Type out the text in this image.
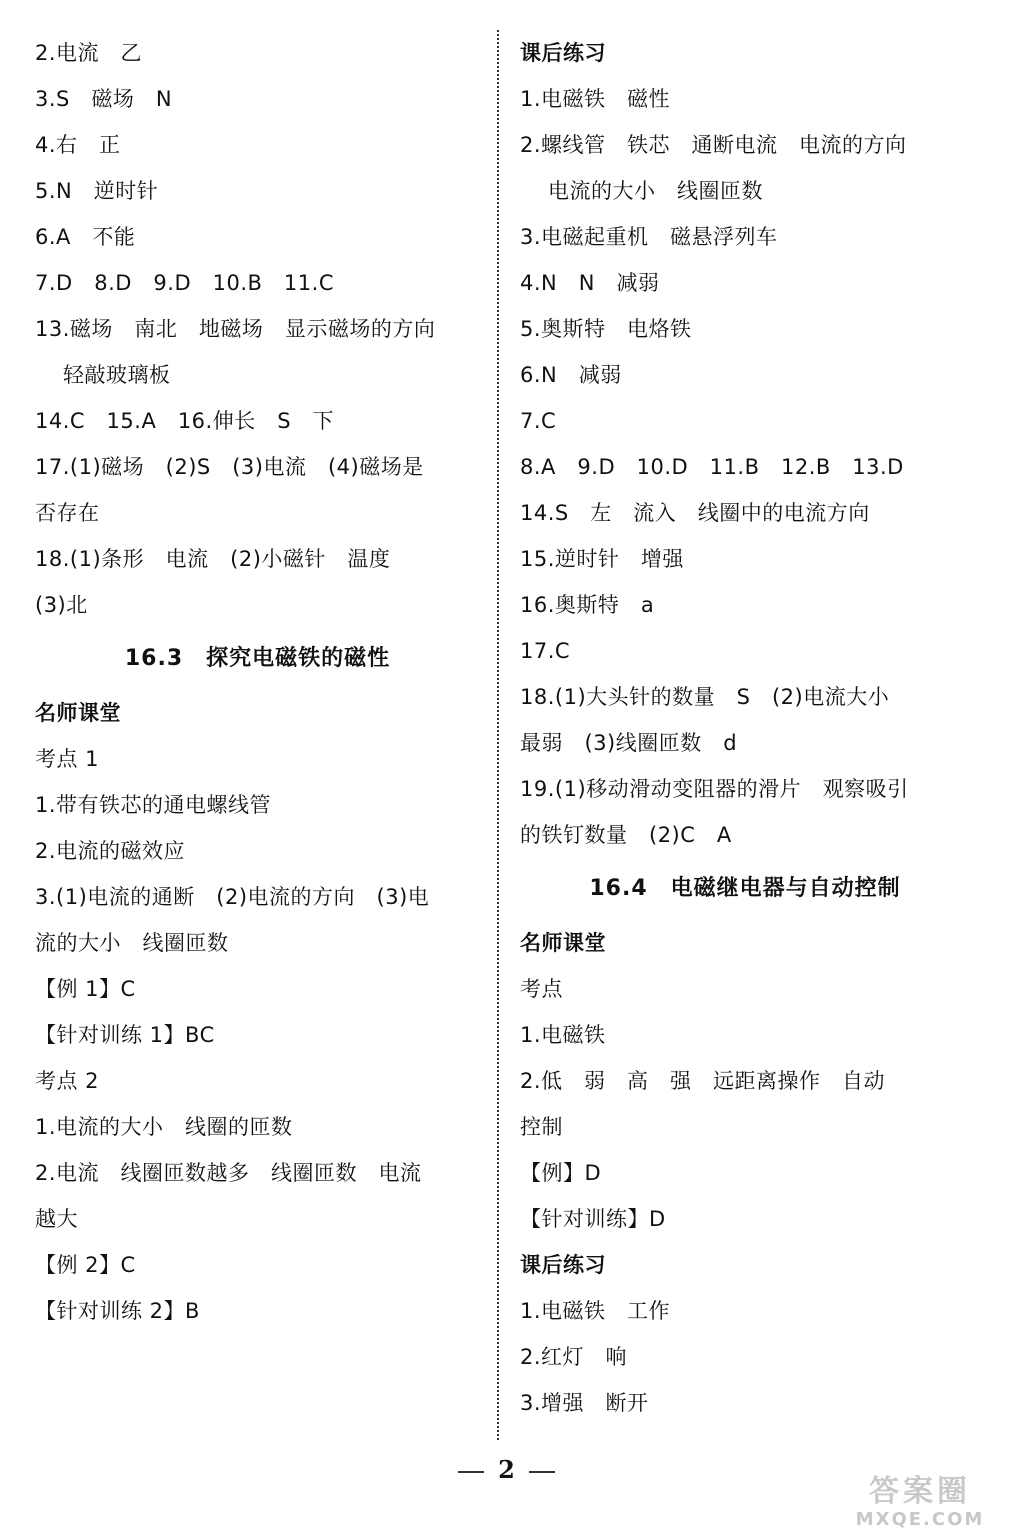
2.电流　乙
3.S　磁场　N
4.右　正
5.N　逆时针
6.A　不能
7.D　8.D　9.D　10.B　11.C
13.磁场　南北　地磁场　显示磁场的方向
轻敲玻璃板
14.C　15.A　16.伸长　S　下
17.(1)磁场　(2)S　(3)电流　(4)磁场是
否存在
18.(1)条形　电流　(2)小磁针　温度
(3)北
16.3　探究电磁铁的磁性
名师课堂
考点 1
1.带有铁芯的通电螺线管
2.电流的磁效应
3.(1)电流的通断　(2)电流的方向　(3)电
流的大小　线圈匝数
【例 1】C
【针对训练 1】BC
考点 2
1.电流的大小　线圈的匝数
2.电流　线圈匝数越多　线圈匝数　电流
越大
【例 2】C
【针对训练 2】B
课后练习
1.电磁铁　磁性
2.螺线管　铁芯　通断电流　电流的方向
电流的大小　线圈匝数
3.电磁起重机　磁悬浮列车
4.N　N　减弱
5.奥斯特　电烙铁
6.N　减弱
7.C
8.A　9.D　10.D　11.B　12.B　13.D
14.S　左　流入　线圈中的电流方向
15.逆时针　增强
16.奥斯特　a
17.C
18.(1)大头针的数量　S　(2)电流大小
最弱　(3)线圈匝数　d
19.(1)移动滑动变阻器的滑片　观察吸引
的铁钉数量　(2)C　A
16.4　电磁继电器与自动控制
名师课堂
考点
1.电磁铁
2.低　弱　高　强　远距离操作　自动
控制
【例】D
【针对训练】D
课后练习
1.电磁铁　工作
2.红灯　响
3.增强　断开
2
答案圈
MXQE.COM
